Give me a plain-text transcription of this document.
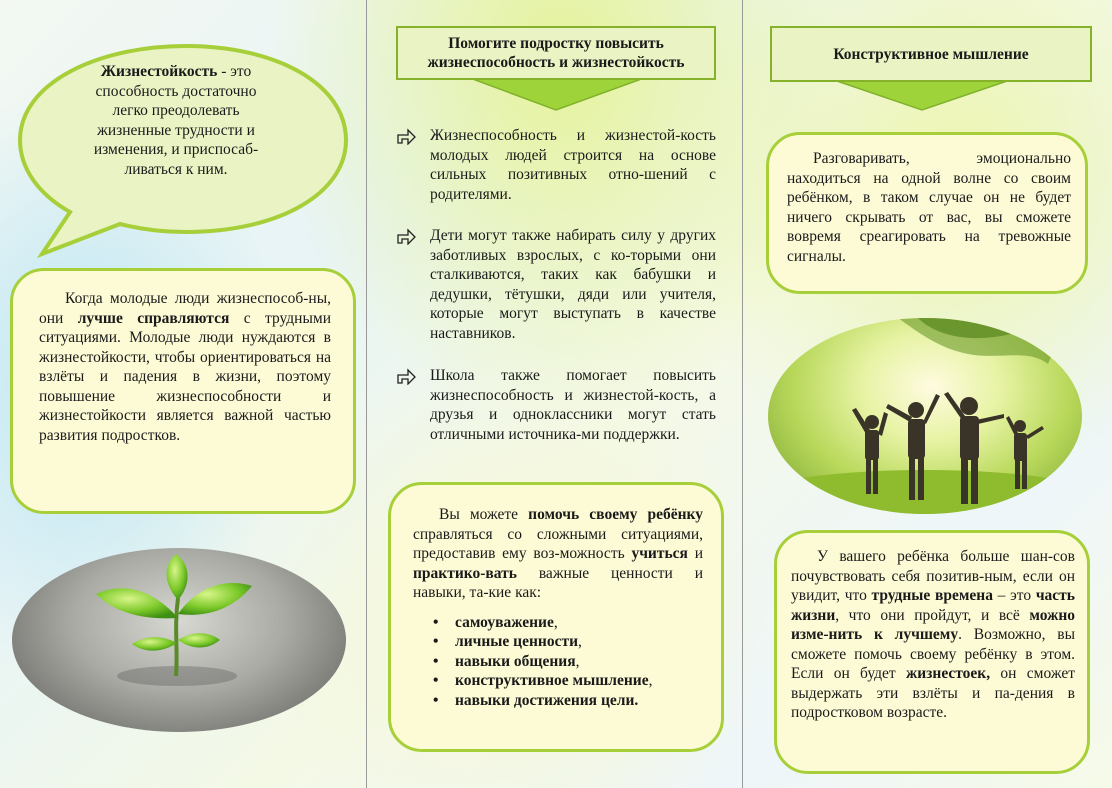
Жизнестойкость - это
способность достаточно
легко преодолевать
жизненные трудности и
изменения, и приспосаб-
ливаться к ним.

Когда молодые люди жизнеспособ-ны, они лучше справляются с трудными ситуациями. Молодые люди нуждаются в жизнестойкости, чтобы ориентироваться на взлёты и падения в жизни, поэтому повышение жизнеспособности и жизнестойкости является важной частью развития подростков.

Помогите подростку повысить
жизнеспособность и жизнестойкость
Жизнеспособность и жизнестой-кость молодых людей строится на основе сильных позитивных отно-шений с родителями.
Дети могут также набирать силу у других заботливых взрослых, с ко-торыми они сталкиваются, таких как бабушки и дедушки, тётушки, дяди или учителя, которые могут выступать в качестве наставников.
Школа также помогает повысить жизнеспособность и жизнестой-кость, а друзья и одноклассники могут стать отличными источника-ми поддержки.

Вы можете помочь своему ребёнку справляться со сложными ситуациями, предоставив ему воз-можность учиться и практико-вать важные ценности и навыки, та-кие как:

• самоуважение,
• личные ценности,
• навыки общения,
• конструктивное мышление,
• навыки достижения цели.
Конструктивное мышление

Разговаривать, эмоционально находиться на одной волне со своим ребёнком, в таком случае он не будет ничего скрывать от вас, вы сможете вовремя среагировать на тревожные сигналы.

У вашего ребёнка больше шан-сов почувствовать себя позитив-ным, если он увидит, что трудные времена – это часть жизни, что они пройдут, и всё можно изме-нить к лучшему. Возможно, вы сможете помочь своему ребёнку в этом. Если он будет жизнестоек, он сможет выдержать эти взлёты и па-дения в подростковом возрасте.
